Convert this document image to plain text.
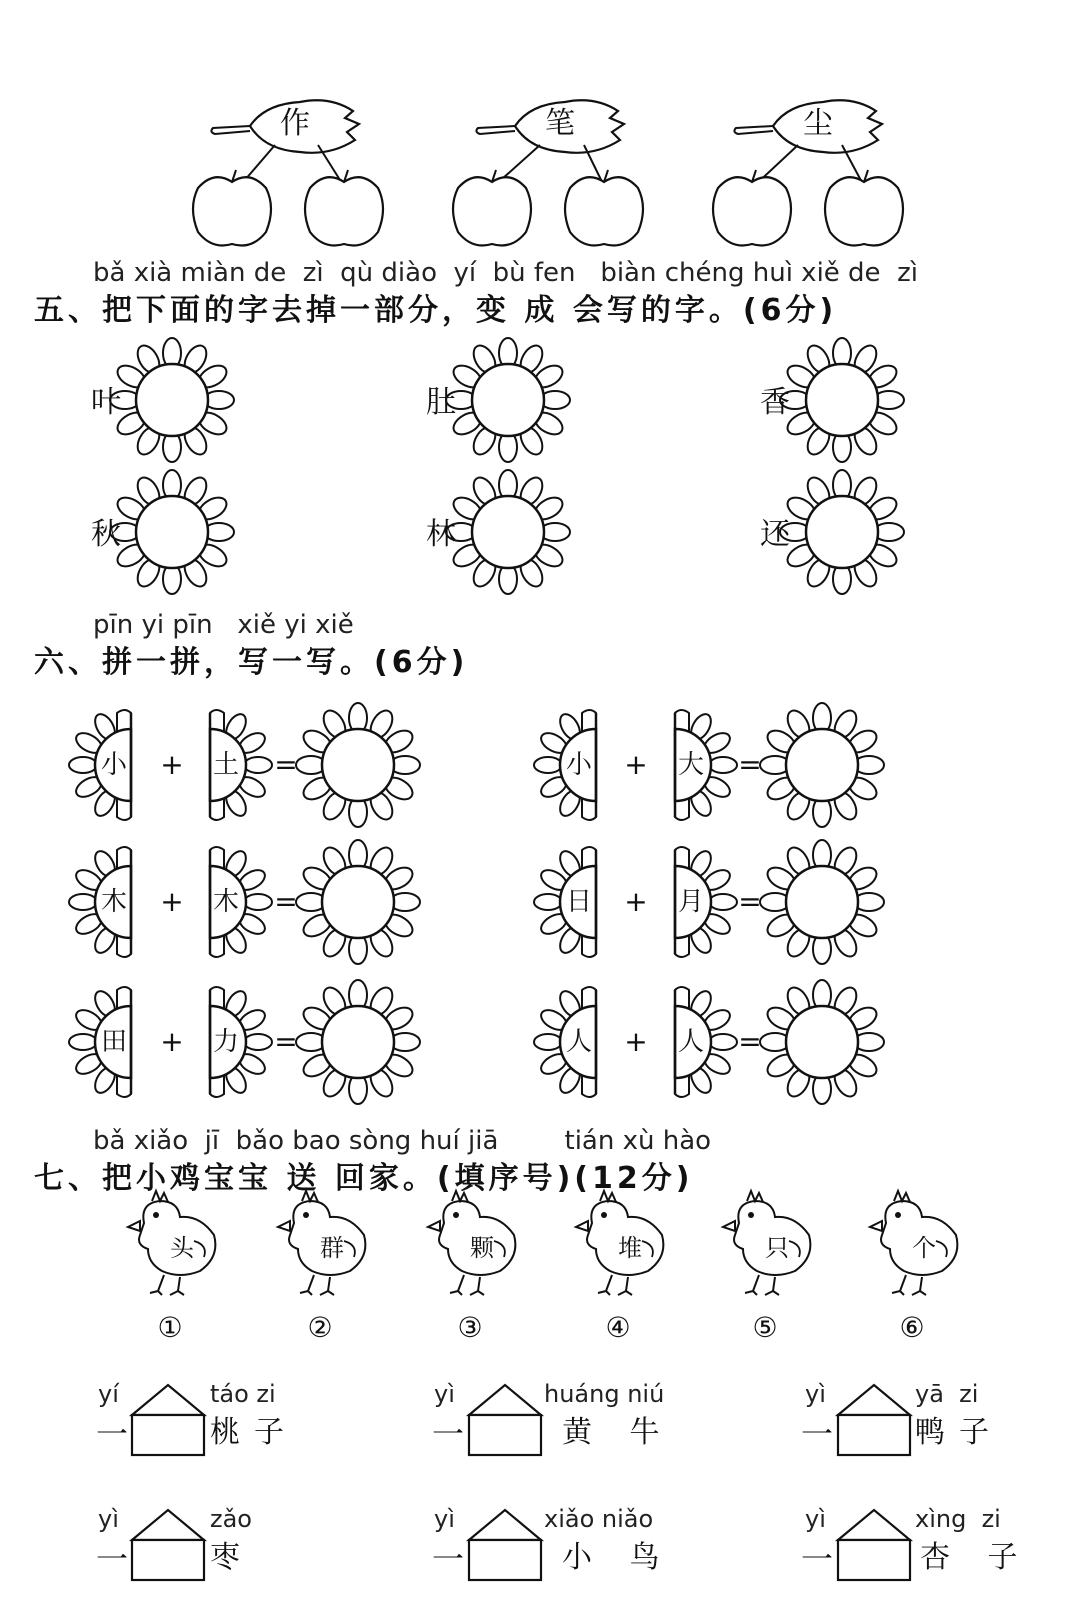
作	笔	尘
bǎ xià miàn de  zì  qù diào  yí  bù fen   biàn chéng huì xiě de  zì
五、把下面的字去掉一部分，变 成 会写的字。(6分)
叶	肚	香
秋	林	还
pīn yi pīn   xiě yi xiě
六、拼一拼，写一写。(6分)
小 + 土 =	小 + 大 =
木 + 木 =	日 + 月 =
田 + 力 =	人 + 人 =
bǎ xiǎo  jī  bǎo bao sòng huí jiā        tián xù hào
七、把小鸡宝宝 送 回家。(填序号)(12分)
头	群	颗	堆	只	个
①	②	③	④	⑤	⑥
yí
一
táo zi
桃子
yì
一
huáng niú
黄 牛
yì
一
yā  zi
鸭子
yì
一
zǎo
枣
yì
一
xiǎo niǎo
小 鸟
yì
一
xìng  zi
杏 子
